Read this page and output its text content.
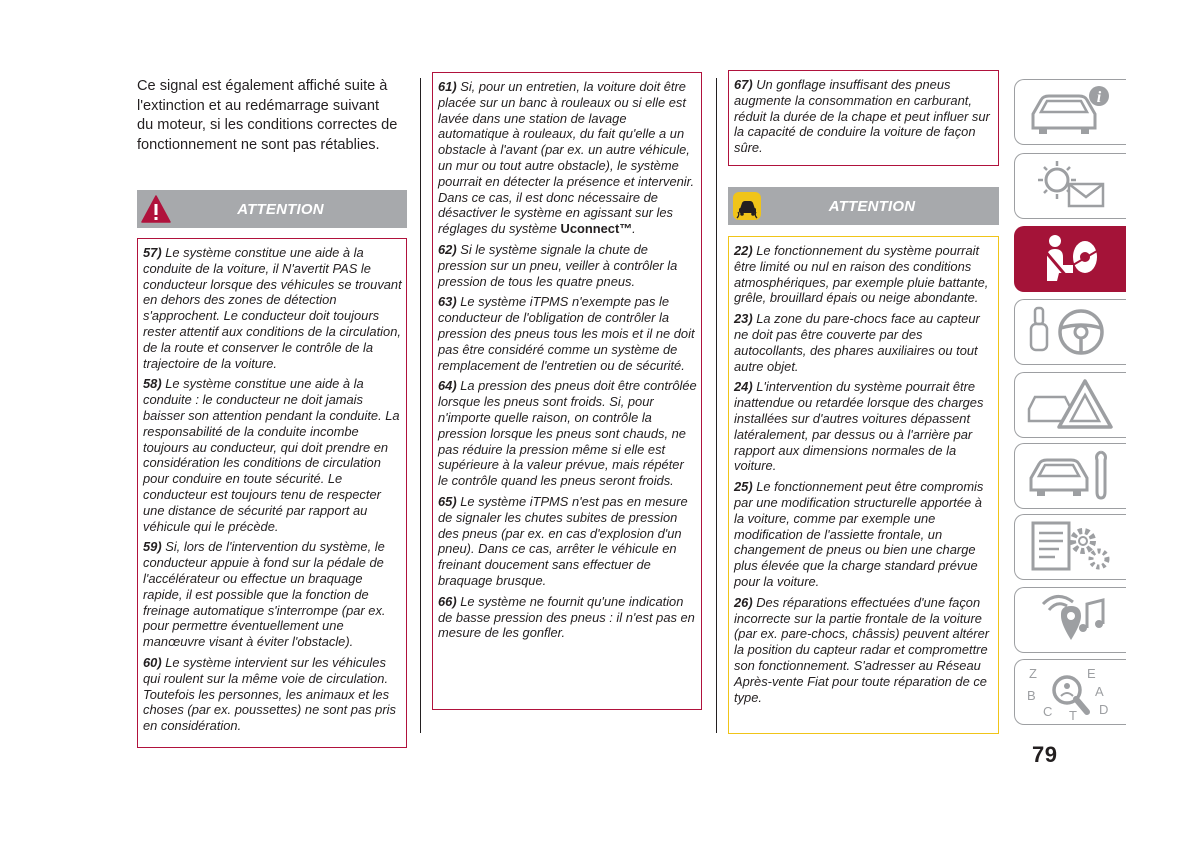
Ce signal est également affiché suite à l'extinction et au redémarrage suivant du moteur, si les conditions correctes de fonctionnement ne sont pas rétablies.
ATTENTION

57) Le système constitue une aide à la conduite de la voiture, il N'avertit PAS le conducteur lorsque des véhicules se trouvant en dehors des zones de détection s'approchent. Le conducteur doit toujours rester attentif aux conditions de la circulation, de la route et conserver le contrôle de la trajectoire de la voiture.

58) Le système constitue une aide à la conduite : le conducteur ne doit jamais baisser son attention pendant la conduite. La responsabilité de la conduite incombe toujours au conducteur, qui doit prendre en considération les conditions de circulation pour conduire en toute sécurité. Le conducteur est toujours tenu de respecter une distance de sécurité par rapport au véhicule qui le précède.

59) Si, lors de l'intervention du système, le conducteur appuie à fond sur la pédale de l'accélérateur ou effectue un braquage rapide, il est possible que la fonction de freinage automatique s'interrompe (par ex. pour permettre éventuellement une manœuvre visant à éviter l'obstacle).

60) Le système intervient sur les véhicules qui roulent sur la même voie de circulation. Toutefois les personnes, les animaux et les choses (par ex. poussettes) ne sont pas pris en considération.

61) Si, pour un entretien, la voiture doit être placée sur un banc à rouleaux ou si elle est lavée dans une station de lavage automatique à rouleaux, du fait qu'elle a un obstacle à l'avant (par ex. un autre véhicule, un mur ou tout autre obstacle), le système pourrait en détecter la présence et intervenir. Dans ce cas, il est donc nécessaire de désactiver le système en agissant sur les réglages du système Uconnect™.

62) Si le système signale la chute de pression sur un pneu, veiller à contrôler la pression de tous les quatre pneus.

63) Le système iTPMS n'exempte pas le conducteur de l'obligation de contrôler la pression des pneus tous les mois et il ne doit pas être considéré comme un système de remplacement de l'entretien ou de sécurité.

64) La pression des pneus doit être contrôlée lorsque les pneus sont froids. Si, pour n'importe quelle raison, on contrôle la pression lorsque les pneus sont chauds, ne pas réduire la pression même si elle est supérieure à la valeur prévue, mais répéter le contrôle quand les pneus seront froids.

65) Le système iTPMS n'est pas en mesure de signaler les chutes subites de pression des pneus (par ex. en cas d'explosion d'un pneu). Dans ce cas, arrêter le véhicule en freinant doucement sans effectuer de braquage brusque.

66) Le système ne fournit qu'une indication de basse pression des pneus : il n'est pas en mesure de les gonfler.

67) Un gonflage insuffisant des pneus augmente la consommation en carburant, réduit la durée de la chape et peut influer sur la capacité de conduire la voiture de façon sûre.

ATTENTION

22) Le fonctionnement du système pourrait être limité ou nul en raison des conditions atmosphériques, par exemple pluie battante, grêle, brouillard épais ou neige abondante.

23) La zone du pare-chocs face au capteur ne doit pas être couverte par des autocollants, des phares auxiliaires ou tout autre objet.

24) L'intervention du système pourrait être inattendue ou retardée lorsque des charges installées sur d'autres voitures dépassent latéralement, par dessus ou à l'arrière par rapport aux dimensions normales de la voiture.

25) Le fonctionnement peut être compromis par une modification structurelle apportée à la voiture, comme par exemple une modification de l'assiette frontale, un changement de pneus ou bien une charge plus élevée que la charge standard prévue pour la voiture.

26) Des réparations effectuées d'une façon incorrecte sur la partie frontale de la voiture (par ex. pare-chocs, châssis) peuvent altérer la position du capteur radar et compromettre son fonctionnement. S'adresser au Réseau Après-vente Fiat pour toute réparation de ce type.

i
Z	E
B	A
C T D
79
